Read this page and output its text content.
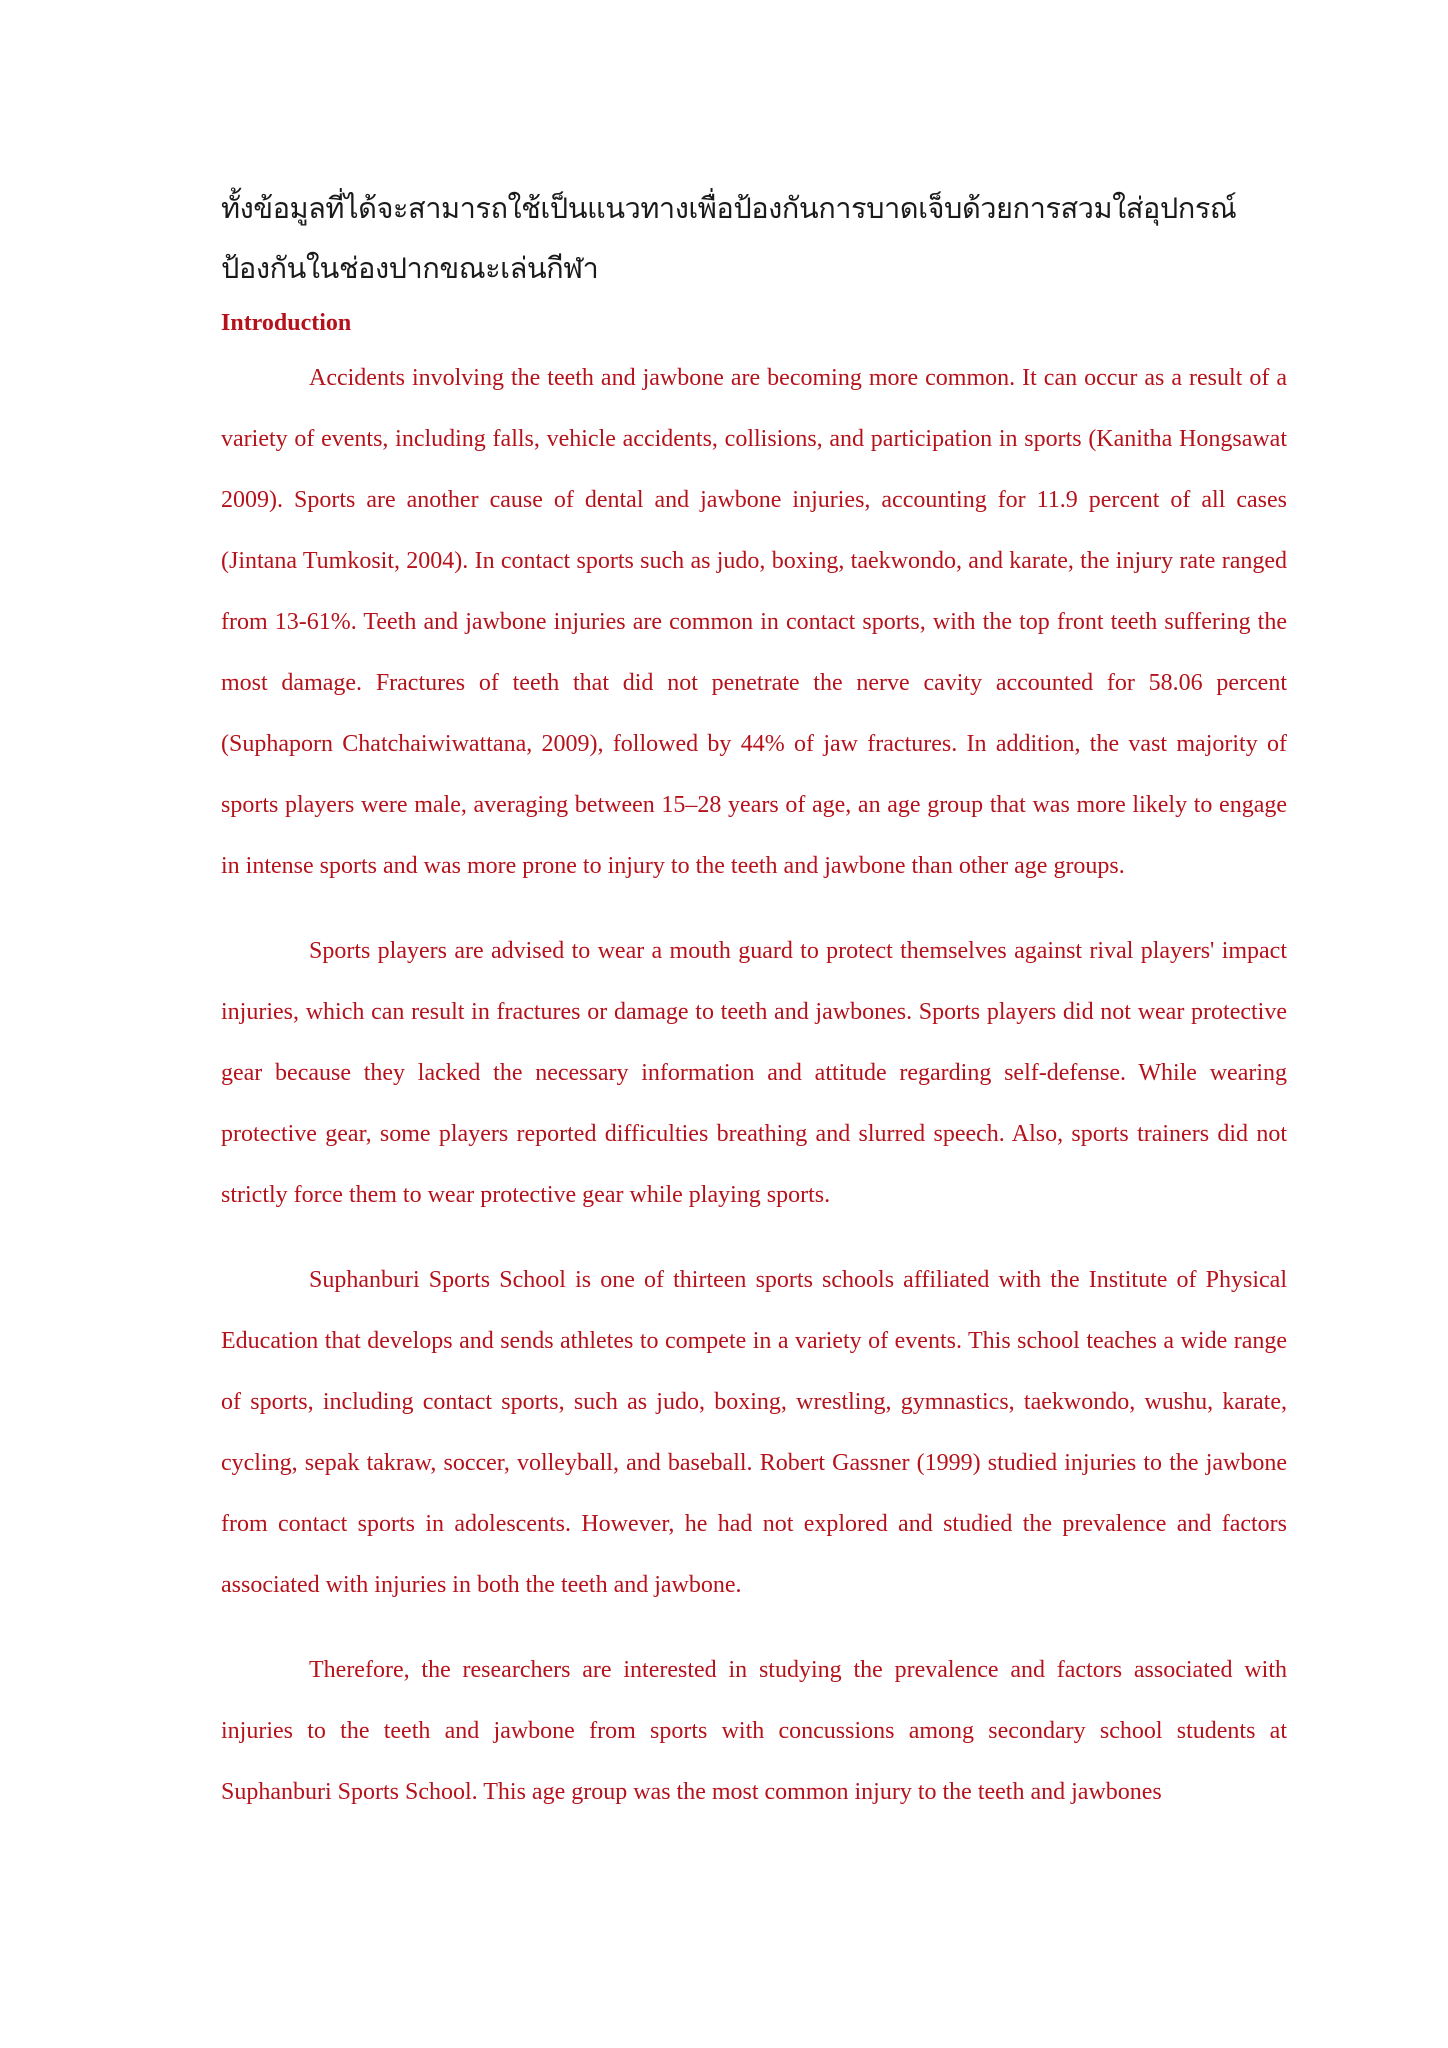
ทั้งข้อมูลที่ได้จะสามารถใช้เป็นแนวทางเพื่อป้องกันการบาดเจ็บด้วยการสวมใส่อุปกรณ์ป้องกันในช่องปากขณะเล่นกีฬา

Introduction

Accidents involving the teeth and jawbone are becoming more common. It can occur as a result of a variety of events, including falls, vehicle accidents, collisions, and participation in sports (Kanitha Hongsawat 2009). Sports are another cause of dental and jawbone injuries, accounting for 11.9 percent of all cases (Jintana Tumkosit, 2004). In contact sports such as judo, boxing, taekwondo, and karate, the injury rate ranged from 13-61%. Teeth and jawbone injuries are common in contact sports, with the top front teeth suffering the most damage. Fractures of teeth that did not penetrate the nerve cavity accounted for 58.06 percent (Suphaporn Chatchaiwiwattana, 2009), followed by 44% of jaw fractures. In addition, the vast majority of sports players were male, averaging between 15–28 years of age, an age group that was more likely to engage in intense sports and was more prone to injury to the teeth and jawbone than other age groups.

Sports players are advised to wear a mouth guard to protect themselves against rival players' impact injuries, which can result in fractures or damage to teeth and jawbones. Sports players did not wear protective gear because they lacked the necessary information and attitude regarding self-defense. While wearing protective gear, some players reported difficulties breathing and slurred speech. Also, sports trainers did not strictly force them to wear protective gear while playing sports.

Suphanburi Sports School is one of thirteen sports schools affiliated with the Institute of Physical Education that develops and sends athletes to compete in a variety of events. This school teaches a wide range of sports, including contact sports, such as judo, boxing, wrestling, gymnastics, taekwondo, wushu, karate, cycling, sepak takraw, soccer, volleyball, and baseball. Robert Gassner (1999) studied injuries to the jawbone from contact sports in adolescents. However, he had not explored and studied the prevalence and factors associated with injuries in both the teeth and jawbone.

Therefore, the researchers are interested in studying the prevalence and factors associated with injuries to the teeth and jawbone from sports with concussions among secondary school students at Suphanburi Sports School. This age group was the most common injury to the teeth and jawbones
